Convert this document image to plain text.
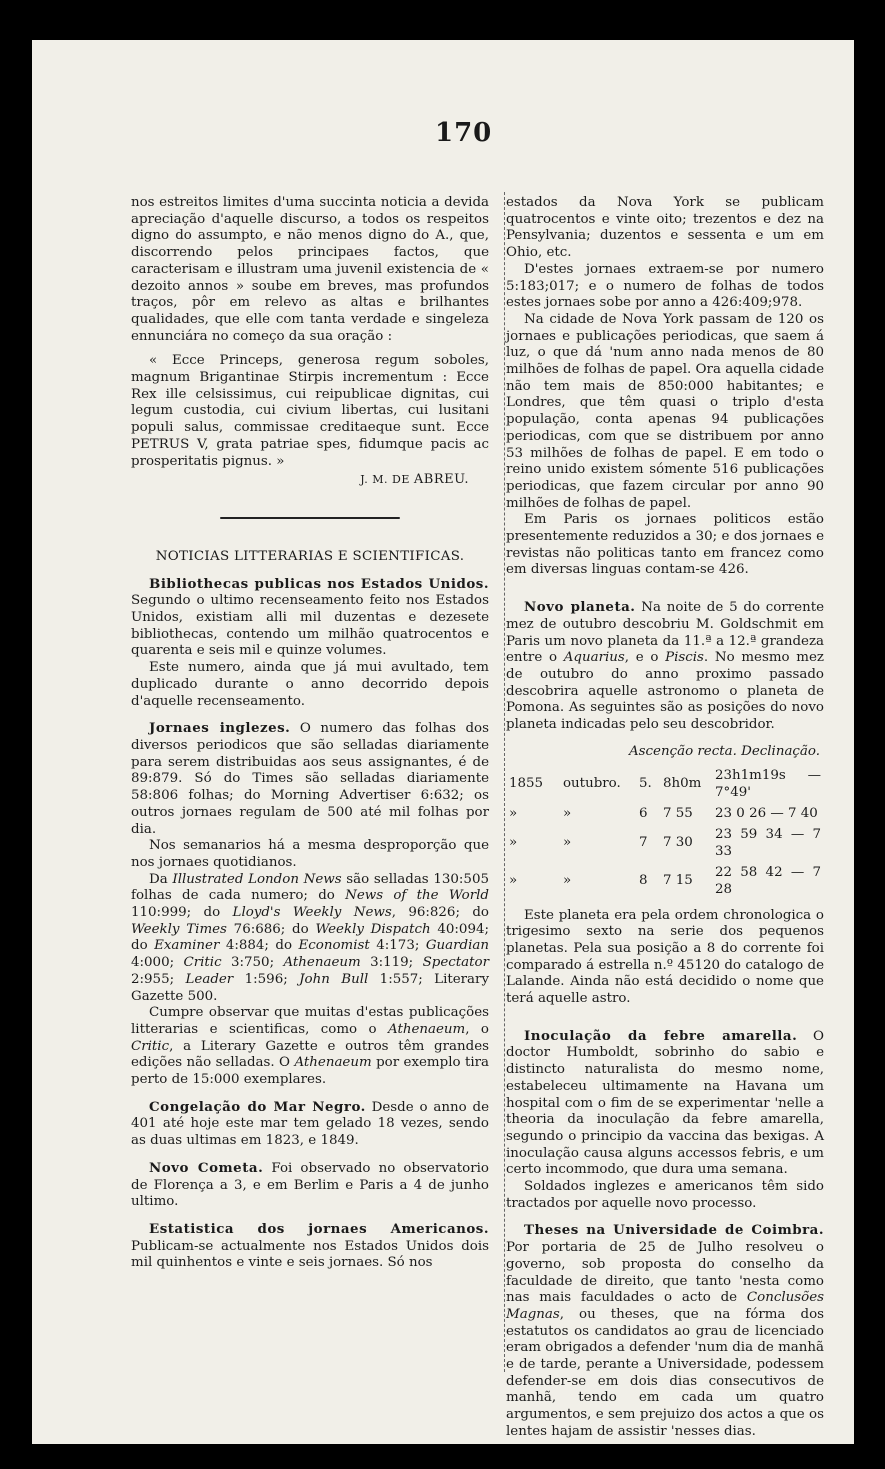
170

nos estreitos limites d'uma succinta noticia a devida apreciação d'aquelle discurso, a todos os respeitos digno do assumpto, e não menos digno do A., que, discorrendo pelos principaes factos, que caracterisam e illustram uma juvenil existencia de « dezoito annos » soube em breves, mas profundos traços, pôr em relevo as altas e brilhantes qualidades, que elle com tanta verdade e singeleza ennunciára no começo da sua oração :

« Ecce Princeps, generosa regum soboles, magnum Brigantinae Stirpis incrementum : Ecce Rex ille celsissimus, cui reipublicae dignitas, cui legum custodia, cui civium libertas, cui lusitani populi salus, commissae creditaeque sunt. Ecce PETRUS V, grata patriae spes, fidumque pacis ac prosperitatis pignus. »

J. M. DE ABREU.
NOTICIAS LITTERARIAS E SCIENTIFICAS.

Bibliothecas publicas nos Estados Unidos. Segundo o ultimo recenseamento feito nos Estados Unidos, existiam alli mil duzentas e dezesete bibliothecas, contendo um milhão quatrocentos e quarenta e seis mil e quinze volumes.

Este numero, ainda que já mui avultado, tem duplicado durante o anno decorrido depois d'aquelle recenseamento.

Jornaes inglezes. O numero das folhas dos diversos periodicos que são selladas diariamente para serem distribuidas aos seus assignantes, é de 89:879. Só do Times são selladas diariamente 58:806 folhas; do Morning Advertiser 6:632; os outros jornaes regulam de 500 até mil folhas por dia.

Nos semanarios há a mesma desproporção que nos jornaes quotidianos.

Da Illustrated London News são selladas 130:505 folhas de cada numero; do News of the World 110:999; do Lloyd's Weekly News, 96:826; do Weekly Times 76:686; do Weekly Dispatch 40:094; do Examiner 4:884; do Economist 4:173; Guardian 4:000; Critic 3:750; Athenaeum 3:119; Spectator 2:955; Leader 1:596; John Bull 1:557; Literary Gazette 500.

Cumpre observar que muitas d'estas publicações litterarias e scientificas, como o Athenaeum, o Critic, a Literary Gazette e outros têm grandes edições não selladas. O Athenaeum por exemplo tira perto de 15:000 exemplares.

Congelação do Mar Negro. Desde o anno de 401 até hoje este mar tem gelado 18 vezes, sendo as duas ultimas em 1823, e 1849.

Novo Cometa. Foi observado no observatorio de Florença a 3, e em Berlim e Paris a 4 de junho ultimo.

Estatistica dos jornaes Americanos. Publicam-se actualmente nos Estados Unidos dois mil quinhentos e vinte e seis jornaes. Só nos

estados da Nova York se publicam quatrocentos e vinte oito; trezentos e dez na Pensylvania; duzentos e sessenta e um em Ohio, etc.

D'estes jornaes extraem-se por numero 5:183;017; e o numero de folhas de todos estes jornaes sobe por anno a 426:409;978.

Na cidade de Nova York passam de 120 os jornaes e publicações periodicas, que saem á luz, o que dá 'num anno nada menos de 80 milhões de folhas de papel. Ora aquella cidade não tem mais de 850:000 habitantes; e Londres, que têm quasi o triplo d'esta população, conta apenas 94 publicações periodicas, com que se distribuem por anno 53 milhões de folhas de papel. E em todo o reino unido existem sómente 516 publicações periodicas, que fazem circular por anno 90 milhões de folhas de papel.

Em Paris os jornaes politicos estão presentemente reduzidos a 30; e dos jornaes e revistas não politicas tanto em francez como em diversas linguas contam-se 426.

Novo planeta. Na noite de 5 do corrente mez de outubro descobriu M. Goldschmit em Paris um novo planeta da 11.ª a 12.ª grandeza entre o Aquarius, e o Piscis. No mesmo mez de outubro do anno proximo passado descobrira aquelle astronomo o planeta de Pomona. As seguintes são as posições do novo planeta indicadas pelo seu descobridor.

Ascenção recta. Declinação.
1855	outubro.	5.	8h0m	23h1m19s — 7°49'
»	»	6	7 55	23 0 26 — 7 40
»	»	7	7 30	23 59 34 — 7 33
»	»	8	7 15	22 58 42 — 7 28

Este planeta era pela ordem chronologica o trigesimo sexto na serie dos pequenos planetas. Pela sua posição a 8 do corrente foi comparado á estrella n.º 45120 do catalogo de Lalande. Ainda não está decidido o nome que terá aquelle astro.

Inoculação da febre amarella. O doctor Humboldt, sobrinho do sabio e distincto naturalista do mesmo nome, estabeleceu ultimamente na Havana um hospital com o fim de se experimentar 'nelle a theoria da inoculação da febre amarella, segundo o principio da vaccina das bexigas. A inoculação causa alguns accessos febris, e um certo incommodo, que dura uma semana.

Soldados inglezes e americanos têm sido tractados por aquelle novo processo.

Theses na Universidade de Coimbra. Por portaria de 25 de Julho resolveu o governo, sob proposta do conselho da faculdade de direito, que tanto 'nesta como nas mais faculdades o acto de Conclusões Magnas, ou theses, que na fórma dos estatutos os candidatos ao grau de licenciado eram obrigados a defender 'num dia de manhã e de tarde, perante a Universidade, podessem defender-se em dois dias consecutivos de manhã, tendo em cada um quatro argumentos, e sem prejuizo dos actos a que os lentes hajam de assistir 'nesses dias.
